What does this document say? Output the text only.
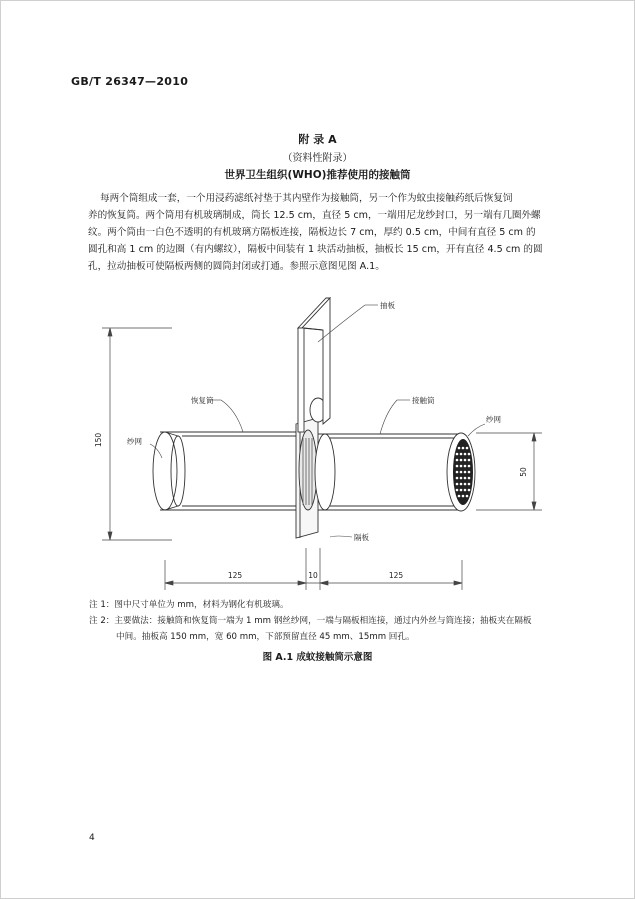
GB/T 26347—2010
附 录 A
（资料性附录）
世界卫生组织(WHO)推荐使用的接触筒
每两个筒组成一套，一个用浸药滤纸衬垫于其内壁作为接触筒，另一个作为蚊虫接触药纸后恢复饲
养的恢复筒。两个筒用有机玻璃制成，筒长 12.5 cm，直径 5 cm，一端用尼龙纱封口，另一端有几圈外螺
纹。两个筒由一白色不透明的有机玻璃方隔板连接，隔板边长 7 cm，厚约 0.5 cm，中间有直径 5 cm 的
圆孔和高 1 cm 的边圈（有内螺纹），隔板中间装有 1 块活动抽板，抽板长 15 cm，开有直径 4.5 cm 的圆
孔，拉动抽板可使隔板两侧的圆筒封闭或打通。参照示意图见图 A.1。
150
抽板
恢复筒	接触筒
纱网
纱网
隔板
50
125	10	125
注 1：图中尺寸单位为 mm，材料为钢化有机玻璃。
注 2：主要做法：接触筒和恢复筒一端为 1 mm 钢丝纱网，一端与隔板相连接，通过内外丝与筒连接；抽板夹在隔板
中间。抽板高 150 mm，宽 60 mm，下部预留直径 45 mm、15mm 回孔。
图 A.1 成蚊接触筒示意图
4
